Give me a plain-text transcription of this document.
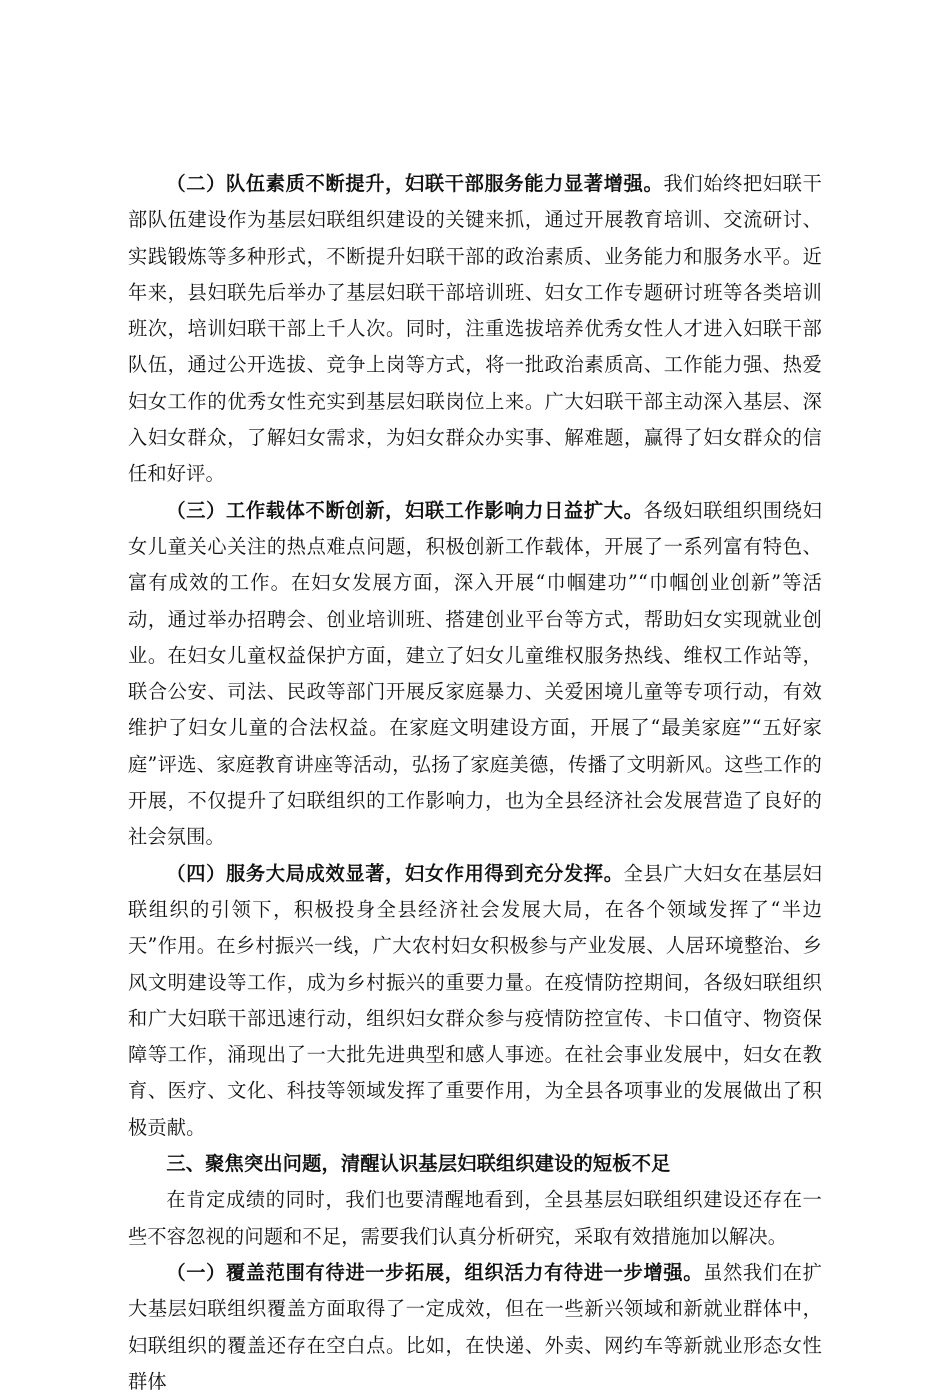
（二）队伍素质不断提升，妇联干部服务能力显著增强。我们始终把妇联干部队伍建设作为基层妇联组织建设的关键来抓，通过开展教育培训、交流研讨、实践锻炼等多种形式，不断提升妇联干部的政治素质、业务能力和服务水平。近年来，县妇联先后举办了基层妇联干部培训班、妇女工作专题研讨班等各类培训班次，培训妇联干部上千人次。同时，注重选拔培养优秀女性人才进入妇联干部队伍，通过公开选拔、竞争上岗等方式，将一批政治素质高、工作能力强、热爱妇女工作的优秀女性充实到基层妇联岗位上来。广大妇联干部主动深入基层、深入妇女群众，了解妇女需求，为妇女群众办实事、解难题，赢得了妇女群众的信任和好评。

（三）工作载体不断创新，妇联工作影响力日益扩大。各级妇联组织围绕妇女儿童关心关注的热点难点问题，积极创新工作载体，开展了一系列富有特色、富有成效的工作。在妇女发展方面，深入开展“巾帼建功”“巾帼创业创新”等活动，通过举办招聘会、创业培训班、搭建创业平台等方式，帮助妇女实现就业创业。在妇女儿童权益保护方面，建立了妇女儿童维权服务热线、维权工作站等，联合公安、司法、民政等部门开展反家庭暴力、关爱困境儿童等专项行动，有效维护了妇女儿童的合法权益。在家庭文明建设方面，开展了“最美家庭”“五好家庭”评选、家庭教育讲座等活动，弘扬了家庭美德，传播了文明新风。这些工作的开展，不仅提升了妇联组织的工作影响力，也为全县经济社会发展营造了良好的社会氛围。

（四）服务大局成效显著，妇女作用得到充分发挥。全县广大妇女在基层妇联组织的引领下，积极投身全县经济社会发展大局，在各个领域发挥了“半边天”作用。在乡村振兴一线，广大农村妇女积极参与产业发展、人居环境整治、乡风文明建设等工作，成为乡村振兴的重要力量。在疫情防控期间，各级妇联组织和广大妇联干部迅速行动，组织妇女群众参与疫情防控宣传、卡口值守、物资保障等工作，涌现出了一大批先进典型和感人事迹。在社会事业发展中，妇女在教育、医疗、文化、科技等领域发挥了重要作用，为全县各项事业的发展做出了积极贡献。

三、聚焦突出问题，清醒认识基层妇联组织建设的短板不足

在肯定成绩的同时，我们也要清醒地看到，全县基层妇联组织建设还存在一些不容忽视的问题和不足，需要我们认真分析研究，采取有效措施加以解决。

（一）覆盖范围有待进一步拓展，组织活力有待进一步增强。虽然我们在扩大基层妇联组织覆盖方面取得了一定成效，但在一些新兴领域和新就业群体中，妇联组织的覆盖还存在空白点。比如，在快递、外卖、网约车等新就业形态女性群体
